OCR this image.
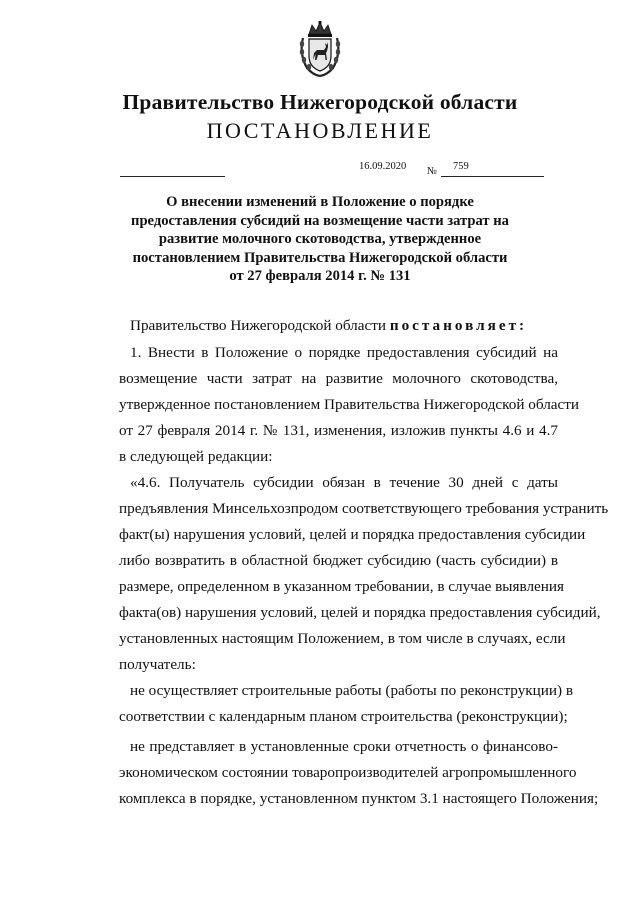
Правительство Нижегородской области
ПОСТАНОВЛЕНИЕ
16.09.2020 № 759
О внесении изменений в Положение о порядке
предоставления субсидий на возмещение части затрат на
развитие молочного скотоводства, утвержденное
постановлением Правительства Нижегородской области
от 27 февраля 2014 г. № 131
Правительство Нижегородской области постановляет:
1. Внести в Положение о порядке предоставления субсидий на
возмещение части затрат на развитие молочного скотоводства,
утвержденное постановлением Правительства Нижегородской области
от 27 февраля 2014 г. № 131, изменения, изложив пункты 4.6 и 4.7
в следующей редакции:
«4.6. Получатель субсидии обязан в течение 30 дней с даты
предъявления Минсельхозпродом соответствующего требования устранить
факт(ы) нарушения условий, целей и порядка предоставления субсидии
либо возвратить в областной бюджет субсидию (часть субсидии) в
размере, определенном в указанном требовании, в случае выявления
факта(ов) нарушения условий, целей и порядка предоставления субсидий,
установленных настоящим Положением, в том числе в случаях, если
получатель:
не осуществляет строительные работы (работы по реконструкции) в
соответствии с календарным планом строительства (реконструкции);
не представляет в установленные сроки отчетность о финансово-
экономическом состоянии товаропроизводителей агропромышленного
комплекса в порядке, установленном пунктом 3.1 настоящего Положения;
